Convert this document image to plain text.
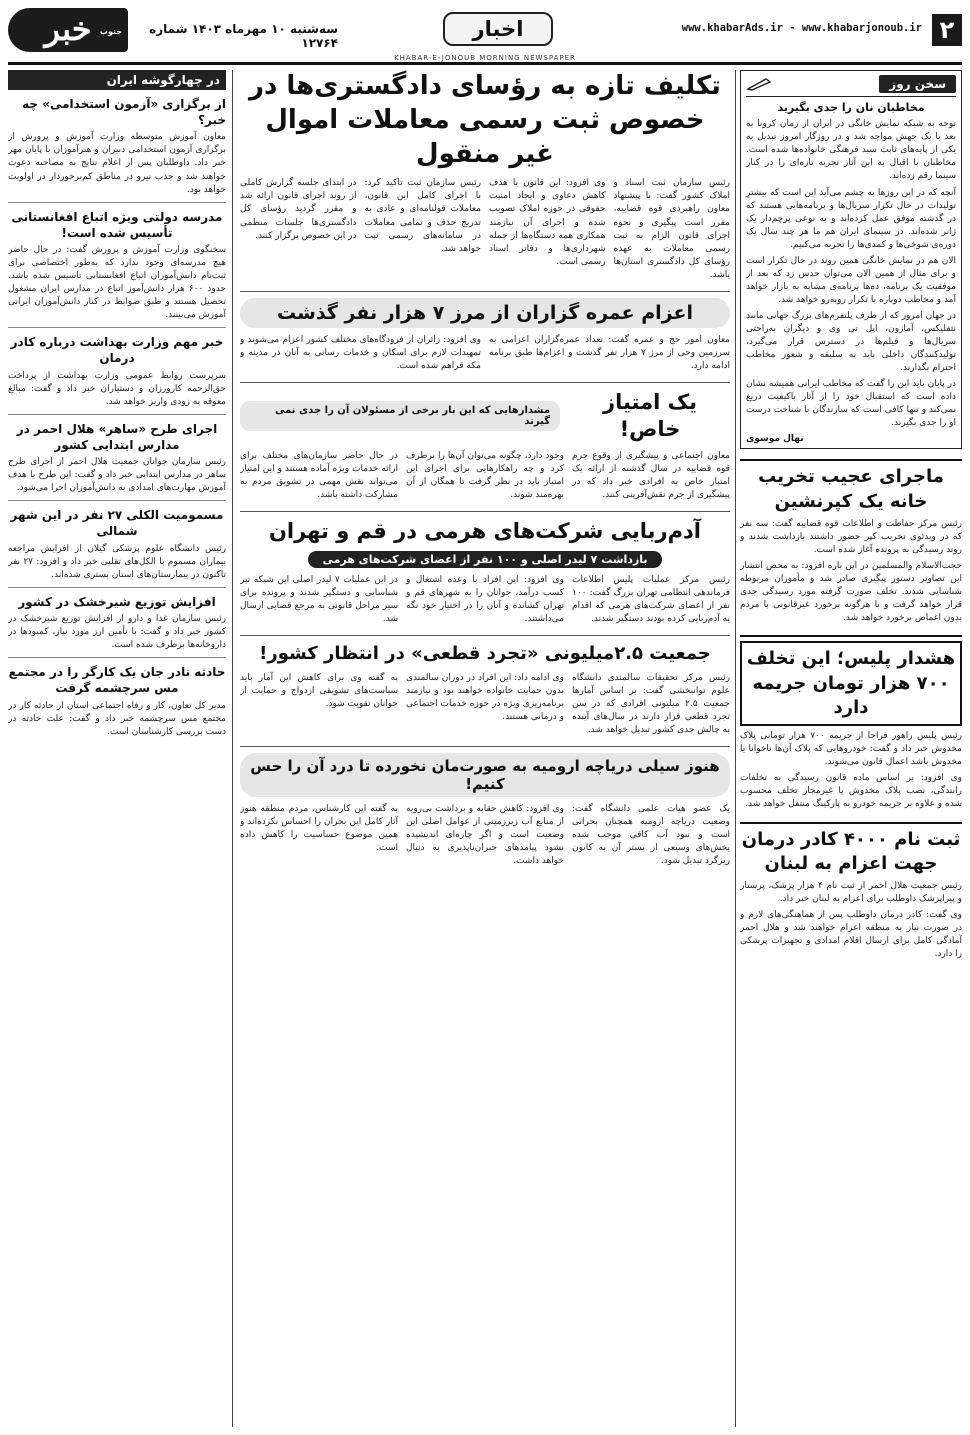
۲
www.khabarAds.ir - www.khabarjonoub.ir
اخبار
سه‌شنبه ۱۰ مهرماه ۱۴۰۳ شماره ۱۲۷۶۴
جنوب
خبر
KHABAR-E-JONOUB MORNING NEWSPAPER
سخن روز
مخاطبان نان را جدی بگیرید

توجه به شبکه نمایش خانگی در ایران از زمان کرونا به بعد با یک جهش مواجه شد و در روزگار امروز تبدیل به یکی از پایه‌های ثابت سبد فرهنگی خانواده‌ها شده است. مخاطبان با اقبال به این آثار تجربه تازه‌ای را در کنار سینما رقم زده‌اند.

آنچه که در این روزها به چشم می‌آید این است که بیشترِ تولیدات در حال تکرار سریال‌ها و برنامه‌هایی هستند که در گذشته موفق عمل کرده‌اند و به نوعی پرچم‌دار یک ژانر شده‌اند. در سینمای ایران هم ما هر چند سال یک دوره‌ی شوخی‌ها و کمدی‌ها را تجربه می‌کنیم.

الان هم در نمایش خانگی همین روند در حال تکرار است و برای مثال از همین الان می‌توان حدس زد که بعد از موفقیت یک برنامه، ده‌ها برنامه‌ی مشابه به بازار خواهد آمد و مخاطب دوباره با تکرار روبه‌رو خواهد شد.

در جهان امروز که از طرف پلتفرم‌های بزرگ جهانی مانند نتفلیکس، آمازون، اپل تی وی و دیگران به‌راحتی سریال‌ها و فیلم‌ها در دسترس قرار می‌گیرد، تولیدکنندگان داخلی باید به سلیقه و شعور مخاطب احترام بگذارند.

در پایان باید این را گفت که مخاطب ایرانی همیشه نشان داده است که استقبال خود را از آثار باکیفیت دریغ نمی‌کند و تنها کافی است که سازندگان با شناخت درست او را جدی بگیرند.

نهال موسوی
ماجرای عجیب تخریب خانه یک کپرنشین

رئیس مرکز حفاظت و اطلاعات قوه قضاییه گفت: سه نفر که در ویدئوی تخریب کپر حضور داشتند بازداشت شدند و روند رسیدگی به پرونده آغاز شده است.

حجت‌الاسلام والمسلمین در این باره افزود: به محض انتشار این تصاویر دستور پیگیری صادر شد و مأموران مربوطه شناسایی شدند. تخلف صورت گرفته مورد رسیدگی جدی قرار خواهد گرفت و با هرگونه برخورد غیرقانونی با مردم بدون اغماض برخورد خواهد شد.

هشدار پلیس؛ این تخلف ۷۰۰ هزار تومان جریمه دارد

رئیس پلیس راهور فراجا از جریمه ۷۰۰ هزار تومانی پلاک مخدوش خبر داد و گفت: خودروهایی که پلاک آن‌ها ناخوانا یا مخدوش باشد اعمال قانون می‌شوند.

وی افزود: بر اساس ماده قانون رسیدگی به تخلفات رانندگی، نصب پلاک مخدوش یا غیرمجاز تخلف محسوب شده و علاوه بر جریمه خودرو به پارکینگ منتقل خواهد شد.

ثبت نام ۴۰۰۰ کادر درمان جهت اعزام به لبنان

رئیس جمعیت هلال احمر از ثبت نام ۴ هزار پزشک، پرستار و پیراپزشک داوطلب برای اعزام به لبنان خبر داد.

وی گفت: کادر درمان داوطلب پس از هماهنگی‌های لازم و در صورت نیاز به منطقه اعزام خواهند شد و هلال احمر آمادگی کامل برای ارسال اقلام امدادی و تجهیزات پزشکی را دارد.

تکلیف تازه به رؤسای دادگستری‌ها در خصوص ثبت رسمی معاملات اموال غیر منقول

رئیس سازمان ثبت اسناد و املاک کشور گفت: با پیشنهاد معاون راهبردی قوه قضاییه، مقرر است پیگیری و نحوه اجرای قانون الزام به ثبت رسمی معاملات به عهده رؤسای کل دادگستری استان‌ها باشد.

وی افزود: این قانون با هدف کاهش دعاوی و ایجاد امنیت حقوقی در حوزه املاک تصویب شده و اجرای آن نیازمند همکاری همه دستگاه‌ها از جمله شهرداری‌ها و دفاتر اسناد رسمی است.

رئیس سازمان ثبت تاکید کرد: با اجرای کامل این قانون، معاملات قولنامه‌ای و عادی به تدریج حذف و تمامی معاملات در سامانه‌های رسمی ثبت خواهد شد.

در ابتدای جلسه گزارش کاملی از روند اجرای قانون ارائه شد و مقرر گردید رؤسای کل دادگستری‌ها جلسات منظمی در این خصوص برگزار کنند.

اعزام عمره گزاران از مرز ۷ هزار نفر گذشت

معاون امور حج و عمره گفت: تعداد عمره‌گزاران اعزامی به سرزمین وحی از مرز ۷ هزار نفر گذشت و اعزام‌ها طبق برنامه ادامه دارد.

وی افزود: زائران از فرودگاه‌های مختلف کشور اعزام می‌شوند و تمهیدات لازم برای اسکان و خدمات رسانی به آنان در مدینه و مکه فراهم شده است.

یک امتیاز خاص!
مشدارهایی که این بار برخی از مسئولان آن را جدی نمی گیرند

معاون اجتماعی و پیشگیری از وقوع جرم قوه قضاییه در سال گذشته از ارائه یک امتیاز خاص به افرادی خبر داد که در پیشگیری از جرم نقش‌آفرینی کنند.

وجود دارد، چگونه می‌توان آن‌ها را برطرف کرد و چه راهکارهایی برای اجرای این امتیاز باید در نظر گرفت تا همگان از آن بهره‌مند شوند.

در حال حاضر سازمان‌های مختلف برای ارائه خدمات ویژه آماده هستند و این امتیاز می‌تواند نقش مهمی در تشویق مردم به مشارکت داشته باشد.

آدم‌ربایی شرکت‌های هرمی در قم و تهران
بازداشت ۷ لیدر اصلی و ۱۰۰ نفر از اعضای شرکت‌های هرمی

رئیس مرکز عملیات پلیس اطلاعات فرماندهی انتظامی تهران بزرگ گفت: ۱۰۰ نفر از اعضای شرکت‌های هرمی که اقدام به آدم‌ربایی کرده بودند دستگیر شدند.

وی افزود: این افراد با وعده اشتغال و کسب درآمد، جوانان را به شهرهای قم و تهران کشانده و آنان را در اختیار خود نگه می‌داشتند.

در این عملیات ۷ لیدر اصلی این شبکه نیز شناسایی و دستگیر شدند و پرونده برای سیر مراحل قانونی به مرجع قضایی ارسال شد.

جمعیت ۲.۵میلیونی «تجرد قطعی» در انتظار کشور!

رئیس مرکز تحقیقات سالمندی دانشگاه علوم توانبخشی گفت: بر اساس آمارها جمعیت ۲.۵ میلیونی افرادی که در سن تجرد قطعی قرار دارند در سال‌های آینده به چالش جدی کشور تبدیل خواهد شد.

وی ادامه داد: این افراد در دوران سالمندی بدون حمایت خانواده خواهند بود و نیازمند برنامه‌ریزی ویژه در حوزه خدمات اجتماعی و درمانی هستند.

به گفته وی برای کاهش این آمار باید سیاست‌های تشویقی ازدواج و حمایت از جوانان تقویت شود.

هنوز سیلی دریاچه ارومیه به صورت‌مان نخورده تا درد آن را حس کنیم!

یک عضو هیات علمی دانشگاه گفت: وضعیت دریاچه ارومیه همچنان بحرانی است و نبود آب کافی موجب شده بخش‌های وسیعی از بستر آن به کانون ریزگرد تبدیل شود.

وی افزود: کاهش حقابه و برداشت بی‌رویه از منابع آب زیرزمینی از عوامل اصلی این وضعیت است و اگر چاره‌ای اندیشیده نشود پیامدهای جبران‌ناپذیری به دنبال خواهد داشت.

به گفته این کارشناس، مردم منطقه هنوز آثار کامل این بحران را احساس نکرده‌اند و همین موضوع حساسیت را کاهش داده است.

در چهارگوشه ایران
از برگزاری «آزمون استخدامی» چه خبر؟
معاون آموزش متوسطه وزارت آموزش و پرورش از برگزاری آزمون استخدامی دبیران و هنرآموزان با پایان مهر خبر داد. داوطلبان پس از اعلام نتایج به مصاحبه دعوت خواهند شد و جذب نیرو در مناطق کم‌برخوردار در اولویت خواهد بود.
مدرسه دولتی ویژه اتباع افغانستانی تأسیس شده است!
سخنگوی وزارت آموزش و پرورش گفت: در حال حاضر هیچ مدرسه‌ای وجود ندارد که به‌طور اختصاصی برای ثبت‌نام دانش‌آموزان اتباع افغانستانی تاسیس شده باشد. حدود ۶۰۰ هزار دانش‌آموز اتباع در مدارس ایران مشغول تحصیل هستند و طبق ضوابط در کنار دانش‌آموزان ایرانی آموزش می‌بینند.
خبر مهم وزارت بهداشت درباره کادر درمان
سرپرست روابط عمومی وزارت بهداشت از پرداخت حق‌الزحمه کارورزان و دستیاران خبر داد و گفت: مبالغ معوقه به زودی واریز خواهد شد.
اجرای طرح «ساهر» هلال احمر در مدارس ابتدایی کشور
رئیس سازمان جوانان جمعیت هلال احمر از اجرای طرح ساهر در مدارس ابتدایی خبر داد و گفت: این طرح با هدف آموزش مهارت‌های امدادی به دانش‌آموزان اجرا می‌شود.
مسمومیت الکلی ۲۷ نفر در این شهر شمالی
رئیس دانشگاه علوم پزشکی گیلان از افزایش مراجعه بیماران مسموم با الکل‌های تقلبی خبر داد و افزود: ۲۷ نفر تاکنون در بیمارستان‌های استان بستری شده‌اند.
افزایش توزیع شیرخشک در کشور
رئیس سازمان غذا و دارو از افزایش توزیع شیرخشک در کشور خبر داد و گفت: با تأمین ارز مورد نیاز، کمبودها در داروخانه‌ها برطرف شده است.
حادثه نادر جان یک کارگر را در مجتمع مس سرچشمه گرفت
مدیر کل تعاون، کار و رفاه اجتماعی استان از حادثه کار در مجتمع مس سرچشمه خبر داد و گفت: علت حادثه در دست بررسی کارشناسان است.
